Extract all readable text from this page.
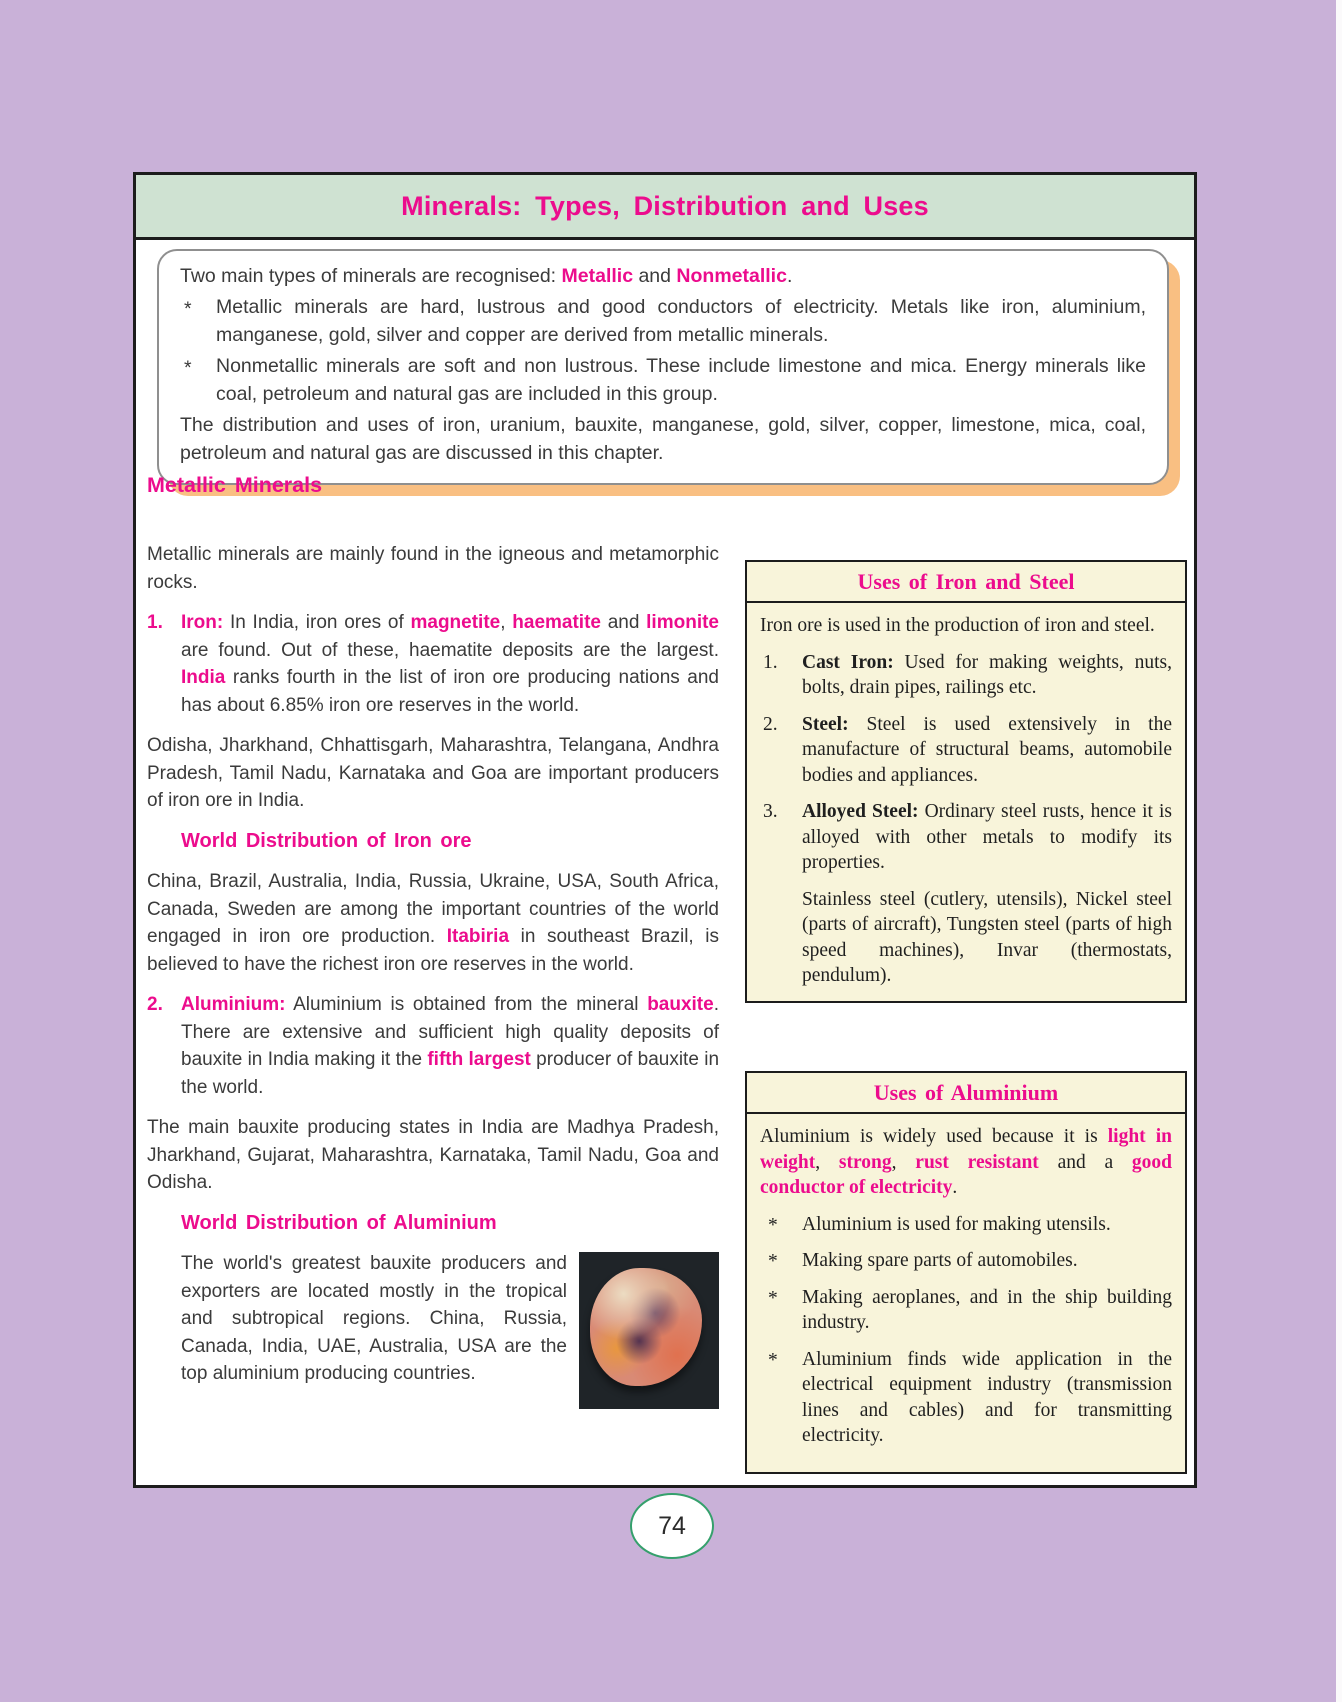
Minerals: Types, Distribution and Uses

Two main types of minerals are recognised: Metallic and Nonmetallic.

* Metallic minerals are hard, lustrous and good conductors of electricity. Metals like iron, aluminium, manganese, gold, silver and copper are derived from metallic minerals.
* Nonmetallic minerals are soft and non lustrous. These include limestone and mica. Energy minerals like coal, petroleum and natural gas are included in this group.

The distribution and uses of iron, uranium, bauxite, manganese, gold, silver, copper, limestone, mica, coal, petroleum and natural gas are discussed in this chapter.

Metallic Minerals

Metallic minerals are mainly found in the igneous and metamorphic rocks.

1. Iron: In India, iron ores of magnetite, haematite and limonite are found. Out of these, haematite deposits are the largest. India ranks fourth in the list of iron ore producing nations and has about 6.85% iron ore reserves in the world.

Odisha, Jharkhand, Chhattisgarh, Maharashtra, Telangana, Andhra Pradesh, Tamil Nadu, Karnataka and Goa are important producers of iron ore in India.

World Distribution of Iron ore

China, Brazil, Australia, India, Russia, Ukraine, USA, South Africa, Canada, Sweden are among the important countries of the world engaged in iron ore production. Itabiria in southeast Brazil, is believed to have the richest iron ore reserves in the world.

2. Aluminium: Aluminium is obtained from the mineral bauxite. There are extensive and sufficient high quality deposits of bauxite in India making it the fifth largest producer of bauxite in the world.

The main bauxite producing states in India are Madhya Pradesh, Jharkhand, Gujarat, Maharashtra, Karnataka, Tamil Nadu, Goa and Odisha.

World Distribution of Aluminium

The world's greatest bauxite producers and exporters are located mostly in the tropical and subtropical regions. China, Russia, Canada, India, UAE, Australia, USA are the top aluminium producing countries.

Uses of Iron and Steel

Iron ore is used in the production of iron and steel.

1. Cast Iron: Used for making weights, nuts, bolts, drain pipes, railings etc.

2. Steel: Steel is used extensively in the manufacture of structural beams, automobile bodies and appliances.

3. Alloyed Steel: Ordinary steel rusts, hence it is alloyed with other metals to modify its properties.

Stainless steel (cutlery, utensils), Nickel steel (parts of aircraft), Tungsten steel (parts of high speed machines), Invar (thermostats, pendulum).

Uses of Aluminium

Aluminium is widely used because it is light in weight, strong, rust resistant and a good conductor of electricity.

* Aluminium is used for making utensils.

* Making spare parts of automobiles.

* Making aeroplanes, and in the ship building industry.

* Aluminium finds wide application in the electrical equipment industry (transmission lines and cables) and for transmitting electricity.

74
